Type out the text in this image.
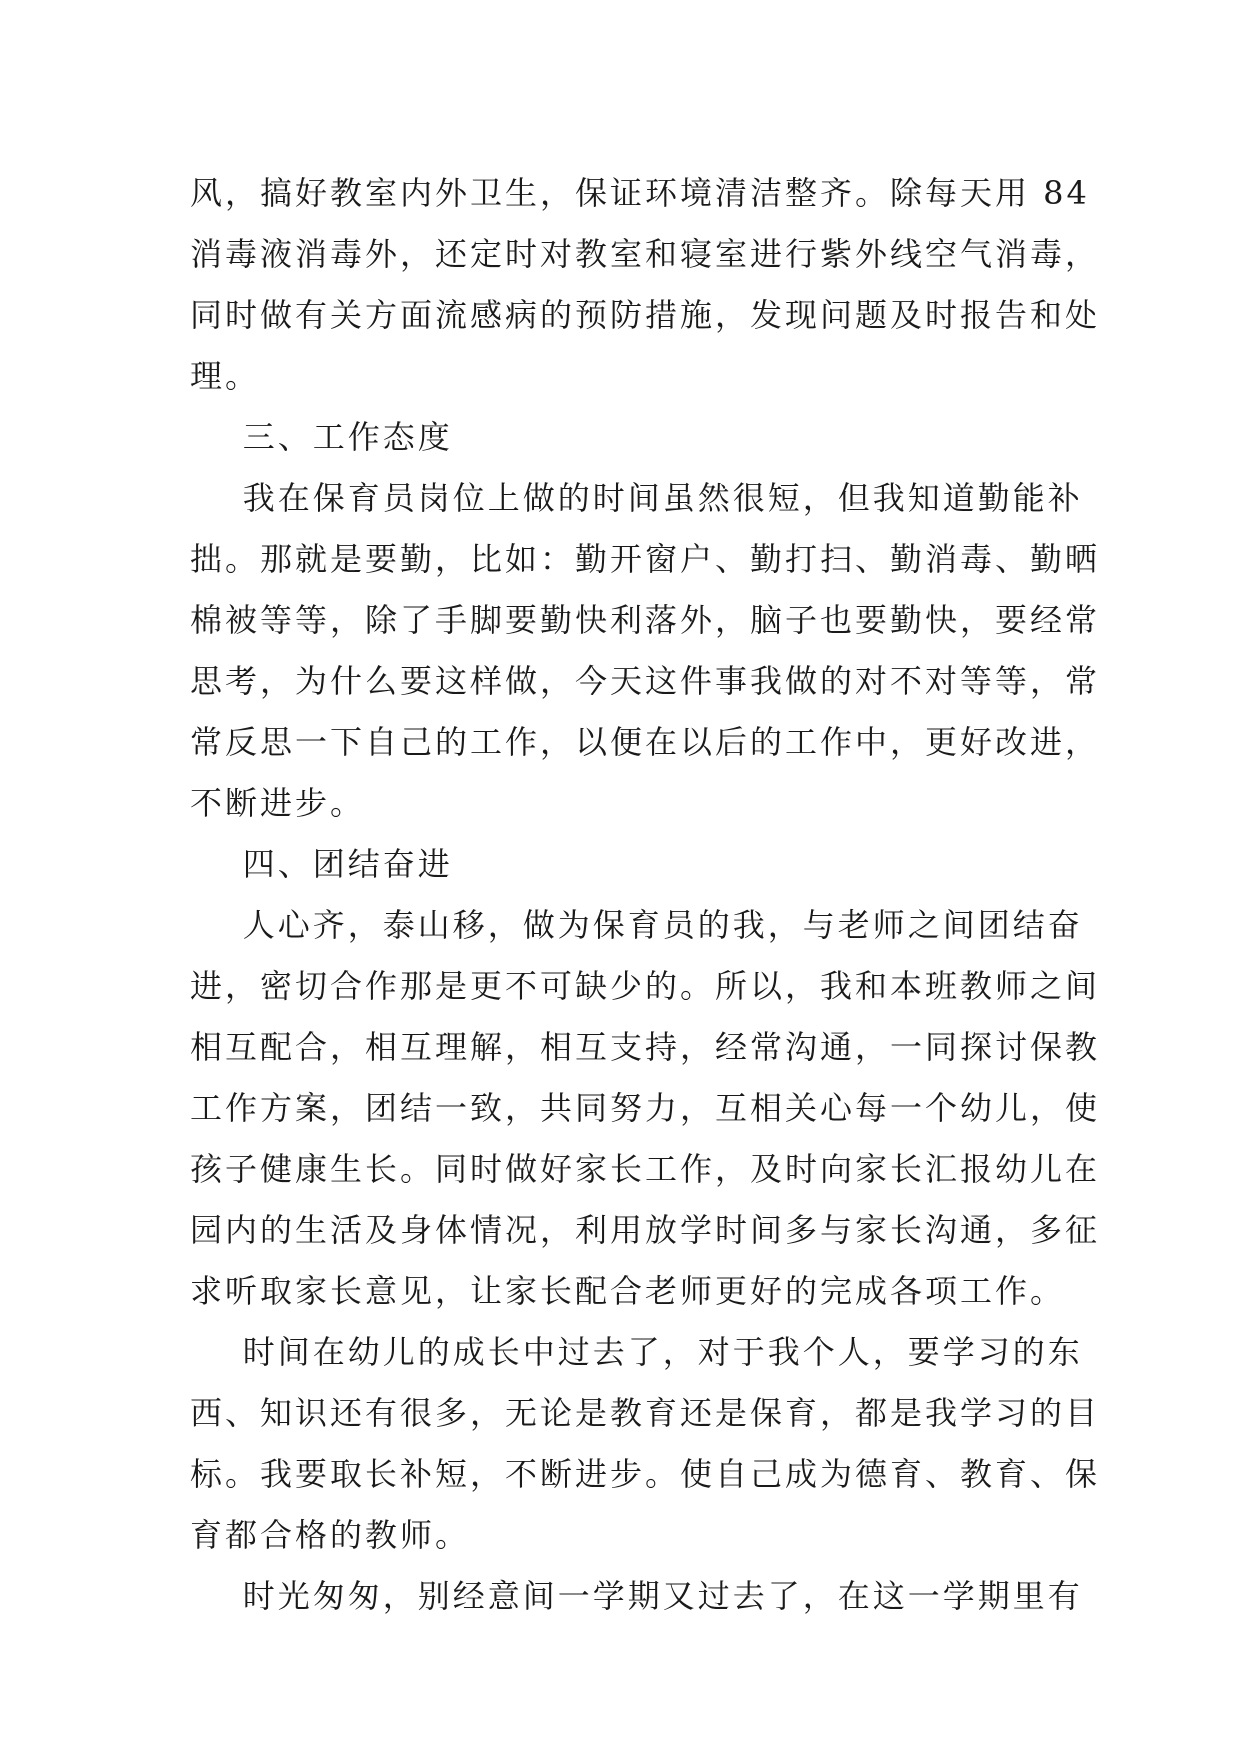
风，搞好教室内外卫生，保证环境清洁整齐。除每天用 84
消毒液消毒外，还定时对教室和寝室进行紫外线空气消毒，
同时做有关方面流感病的预防措施，发现问题及时报告和处
理。
三、工作态度
我在保育员岗位上做的时间虽然很短，但我知道勤能补
拙。那就是要勤，比如：勤开窗户、勤打扫、勤消毒、勤晒
棉被等等，除了手脚要勤快利落外，脑子也要勤快，要经常
思考，为什么要这样做，今天这件事我做的对不对等等，常
常反思一下自己的工作，以便在以后的工作中，更好改进，
不断进步。
四、团结奋进
人心齐，泰山移，做为保育员的我，与老师之间团结奋
进，密切合作那是更不可缺少的。所以，我和本班教师之间
相互配合，相互理解，相互支持，经常沟通，一同探讨保教
工作方案，团结一致，共同努力，互相关心每一个幼儿，使
孩子健康生长。同时做好家长工作，及时向家长汇报幼儿在
园内的生活及身体情况，利用放学时间多与家长沟通，多征
求听取家长意见，让家长配合老师更好的完成各项工作。
时间在幼儿的成长中过去了，对于我个人，要学习的东
西、知识还有很多，无论是教育还是保育，都是我学习的目
标。我要取长补短，不断进步。使自己成为德育、教育、保
育都合格的教师。
时光匆匆，别经意间一学期又过去了，在这一学期里有
